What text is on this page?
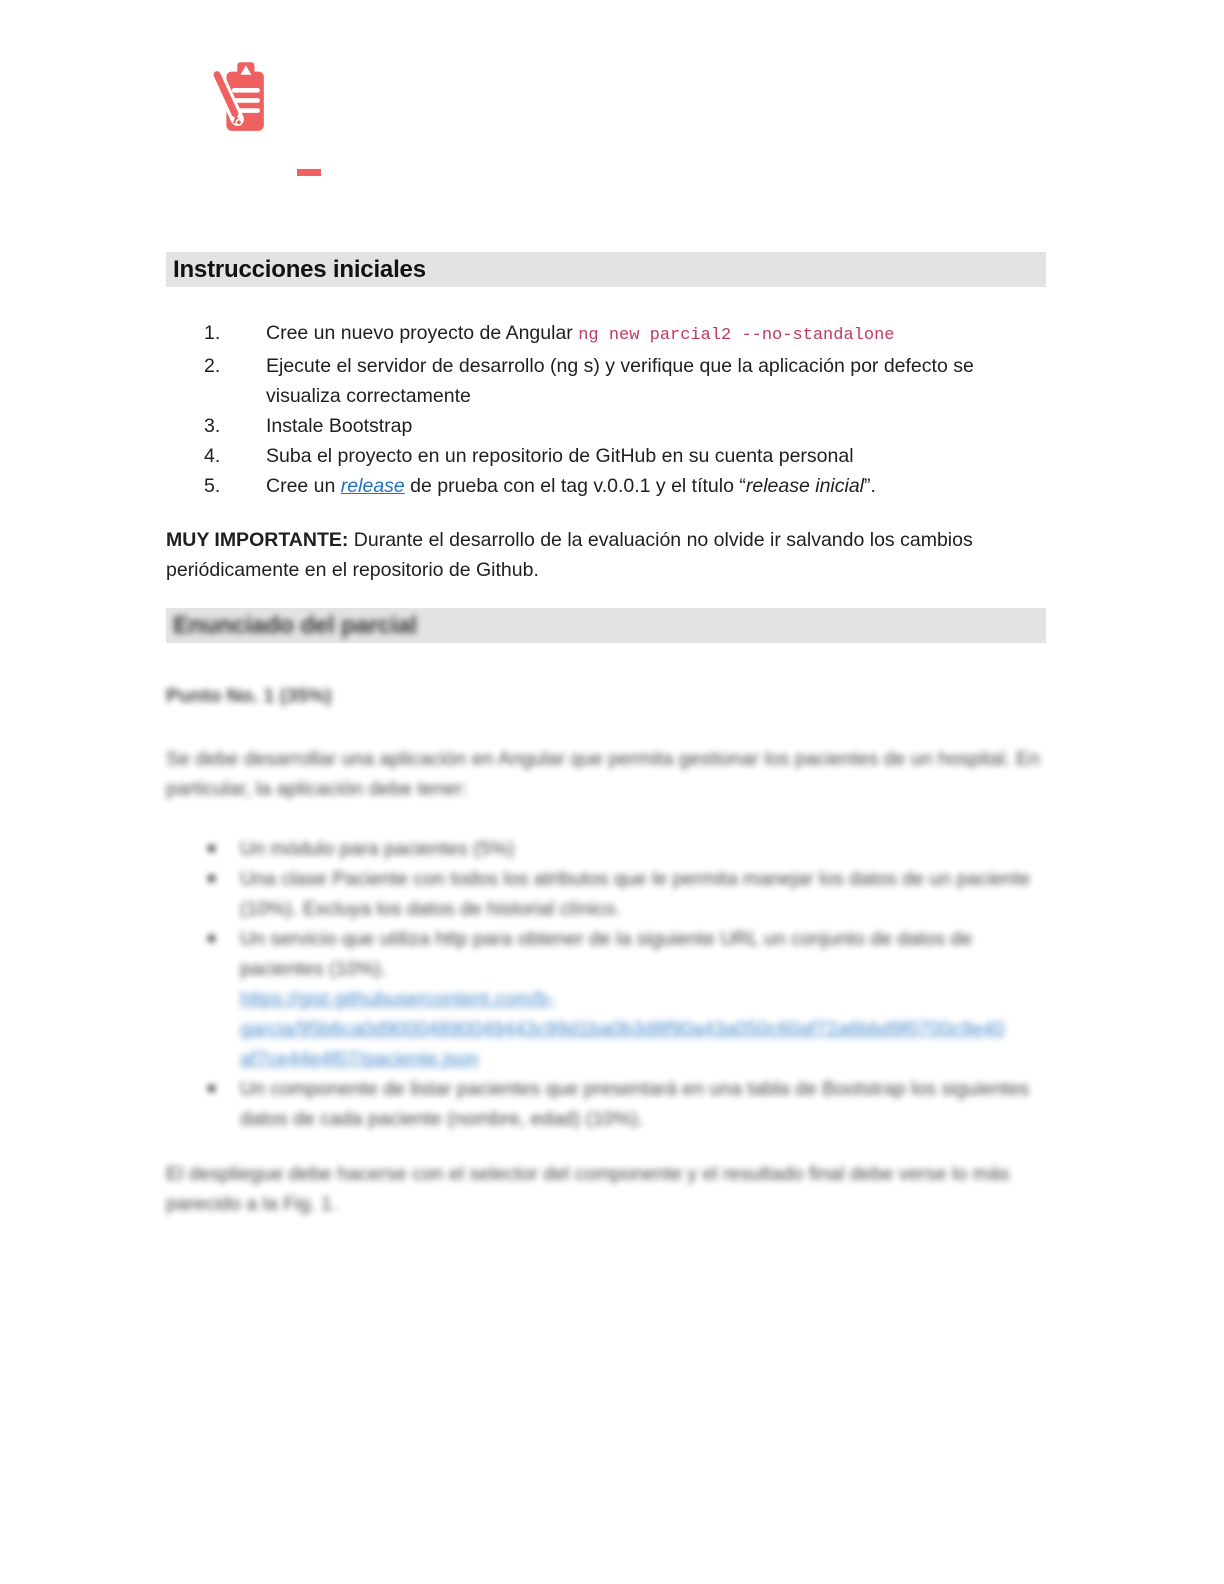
Instrucciones iniciales
1. Cree un nuevo proyecto de Angular ng new parcial2 --no-standalone
2. Ejecute el servidor de desarrollo (ng s) y verifique que la aplicación por defecto se visualiza correctamente
3. Instale Bootstrap
4. Suba el proyecto en un repositorio de GitHub en su cuenta personal
5. Cree un release de prueba con el tag v.0.0.1 y el título “release inicial”.

MUY IMPORTANTE: Durante el desarrollo de la evaluación no olvide ir salvando los cambios periódicamente en el repositorio de Github.

Enunciado del parcial

Punto No. 1 (35%)

Se debe desarrollar una aplicación en Angular que permita gestionar los pacientes de un hospital. En particular, la aplicación debe tener:

Un módulo para pacientes (5%)
Una clase Paciente con todos los atributos que le permita manejar los datos de un paciente (10%). Excluya los datos de historial clínico.
Un servicio que utiliza http para obtener de la siguiente URL un conjunto de datos de pacientes (10%).
https://gist.githubusercontent.com/b-
garcia/95b6ca0d90004890049443c99d1ba0b3d8f90a43a050c60af72a6bbd9f0700c9e40
af7ce44e4f07/paciente.json
Un componente de listar pacientes que presentará en una tabla de Bootstrap los siguientes datos de cada paciente (nombre, edad) (10%).

El despliegue debe hacerse con el selector del componente y el resultado final debe verse lo más parecido a la Fig. 1.
